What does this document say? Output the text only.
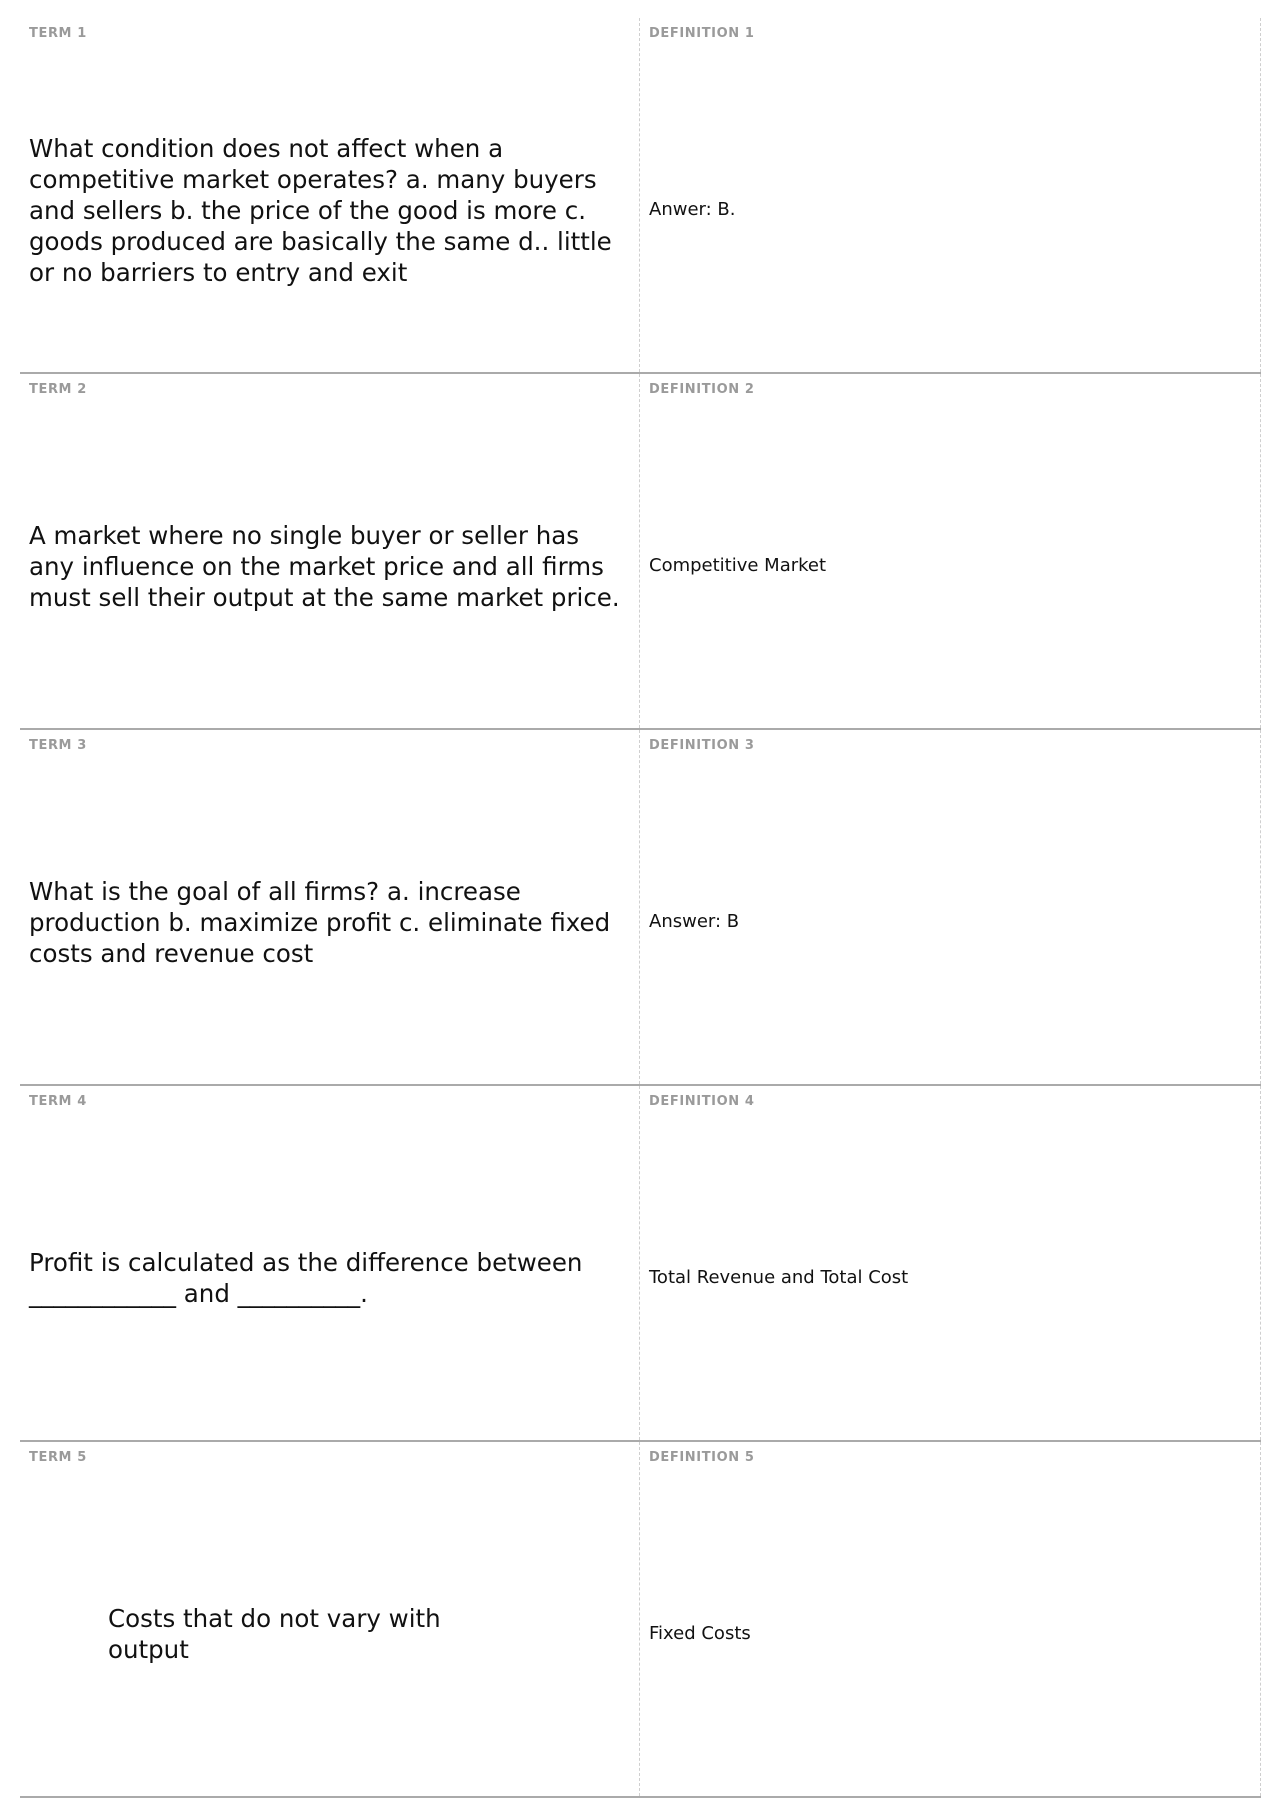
TERM 1
What condition does not affect when a competitive market operates? a. many buyers and sellers b. the price of the good is more c. goods produced are basically the same d.. little or no barriers to entry and exit
DEFINITION 1
Anwer: B.
TERM 2
A market where no single buyer or seller has any influence on the market price and all firms must sell their output at the same market price.
DEFINITION 2
Competitive Market
TERM 3
What is the goal of all firms? a. increase production b. maximize profit c. eliminate fixed costs and revenue cost
DEFINITION 3
Answer: B
TERM 4
Profit is calculated as the difference between ____________ and __________.
DEFINITION 4
Total Revenue and Total Cost
TERM 5
Costs that do not vary with output
DEFINITION 5
Fixed Costs
